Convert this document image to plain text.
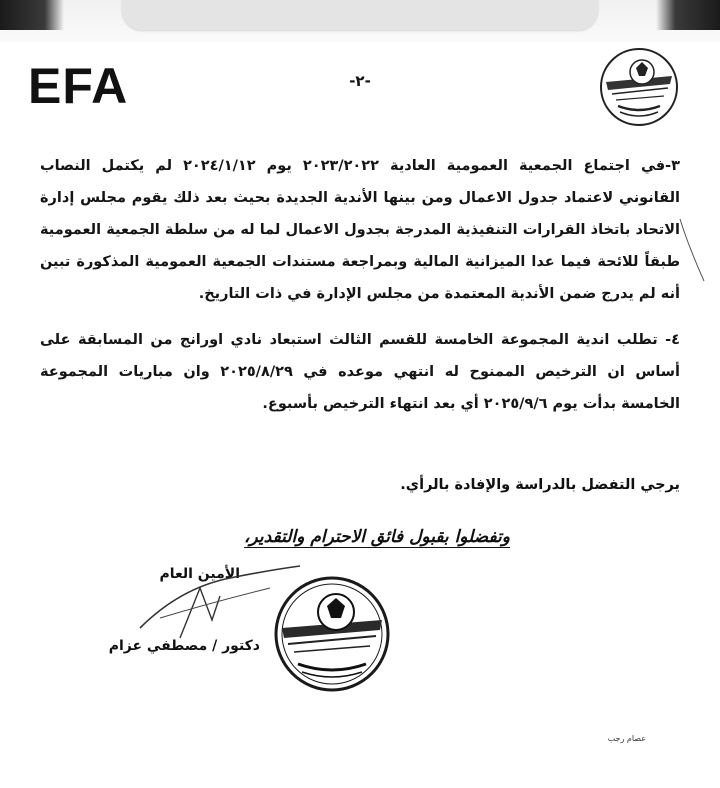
EFA	-٢-

٣-في اجتماع الجمعية العمومية العادية ٢٠٢٣/٢٠٢٢ يوم ٢٠٢٤/١/١٢ لم يكتمل النصاب القانوني لاعتماد جدول الاعمال ومن بينها الأندية الجديدة بحيث بعد ذلك يقوم مجلس إدارة الاتحاد باتخاذ القرارات التنفيذية المدرجة بجدول الاعمال لما له من سلطة الجمعية العمومية طبقاً للائحة فيما عدا الميزانية المالية وبمراجعة مستندات الجمعية العمومية المذكورة تبين أنه لم يدرج ضمن الأندية المعتمدة من مجلس الإدارة في ذات التاريخ.

٤- تطلب اندية المجموعة الخامسة للقسم الثالث استبعاد نادي اورانج من المسابقة على أساس ان الترخيص الممنوح له انتهي موعده في ٢٠٢٥/٨/٢٩ وان مباريات المجموعة الخامسة بدأت يوم ٢٠٢٥/٩/٦ أي بعد انتهاء الترخيص بأسبوع.

يرجي التفضل بالدراسة والإفادة بالرأي.
وتفضلوا بقبول فائق الاحترام والتقدير،
الأمين العام
دكتور / مصطفي عزام
عصام رجب
